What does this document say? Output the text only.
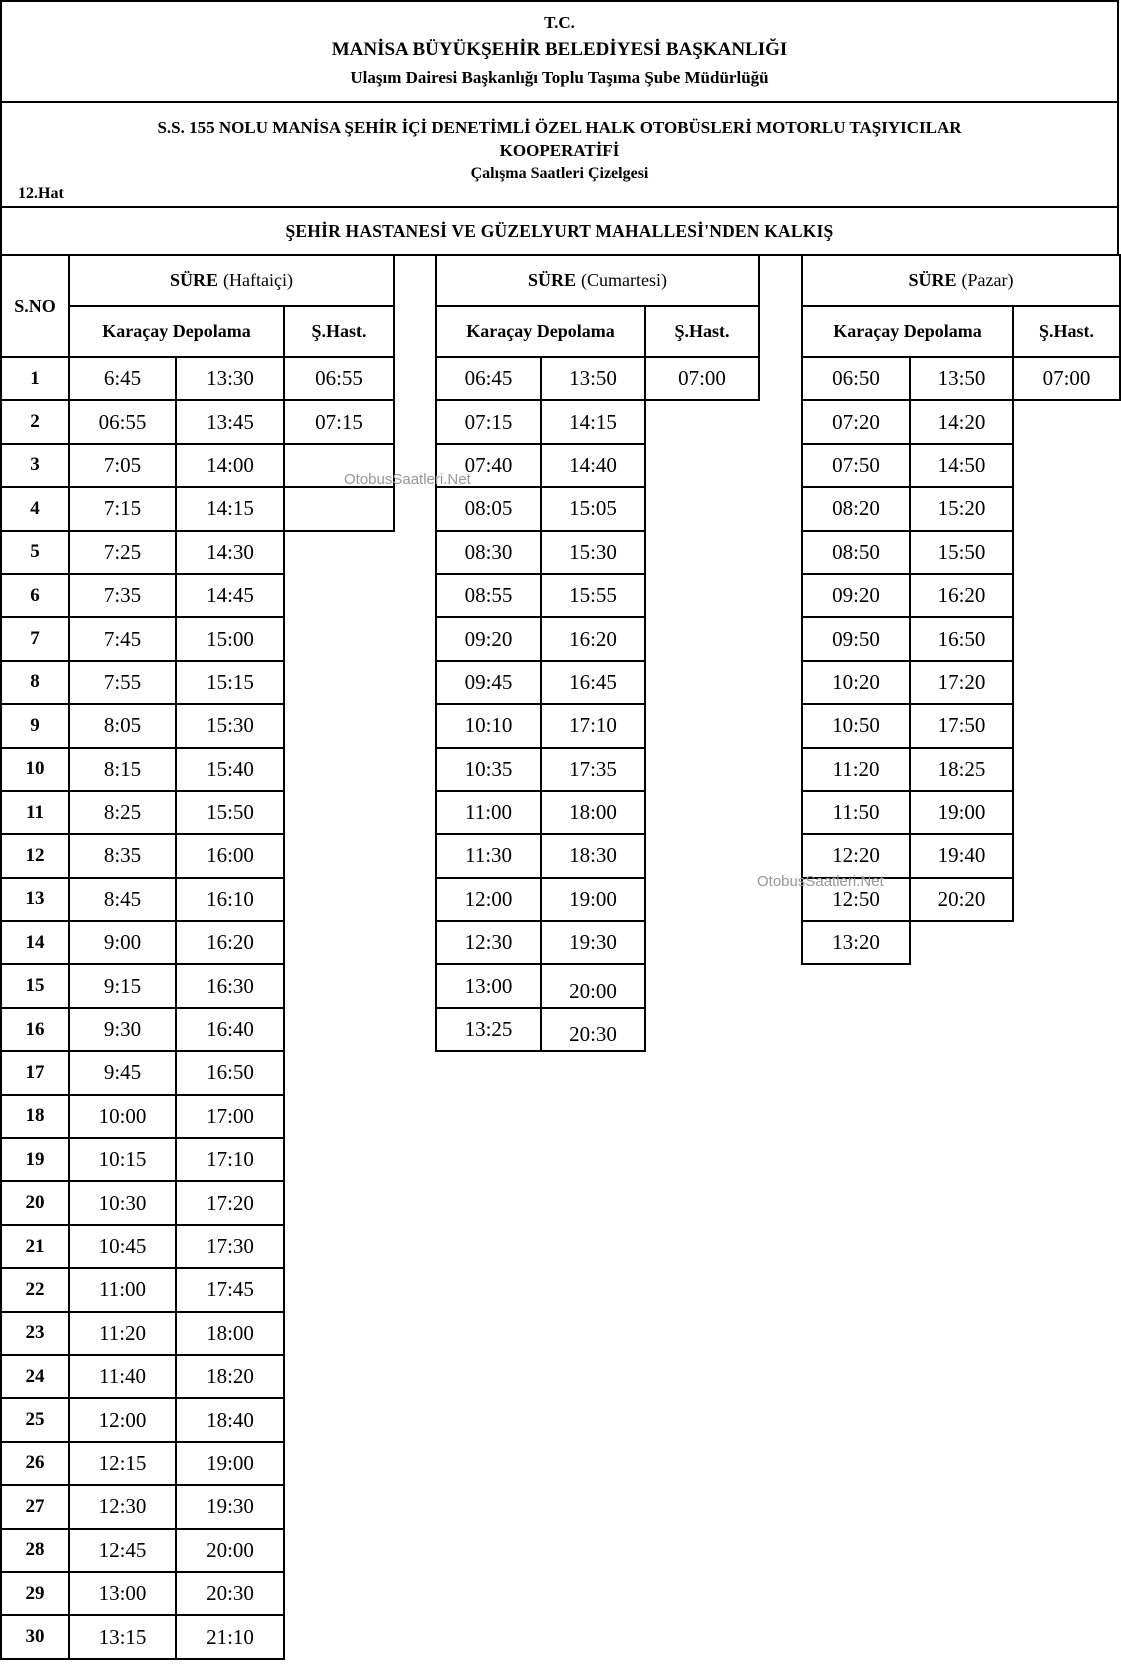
T.C.
MANİSA BÜYÜKŞEHİR BELEDİYESİ BAŞKANLIĞI
Ulaşım Dairesi Başkanlığı Toplu Taşıma Şube Müdürlüğü
S.S. 155 NOLU MANİSA ŞEHİR İÇİ DENETİMLİ ÖZEL HALK OTOBÜSLERİ MOTORLU TAŞIYICILAR
KOOPERATİFİ
Çalışma Saatleri Çizelgesi
12.Hat
ŞEHİR HASTANESİ VE GÜZELYURT MAHALLESİ'NDEN KALKIŞ
S.NO	SÜRE (Haftaiçi)		
	Karaçay Depolama		Ş.Hast.
1	6:45	13:30	06:55
2	06:55	13:45	07:15
3	7:05	14:00	
4	7:15	14:15	
5	7:25	14:30	
6	7:35	14:45	
7	7:45	15:00	
8	7:55	15:15	
9	8:05	15:30	
10	8:15	15:40	
11	8:25	15:50	
12	8:35	16:00	
13	8:45	16:10	
14	9:00	16:20	
15	9:15	16:30	
16	9:30	16:40	
17	9:45	16:50	
18	10:00	17:00	
19	10:15	17:10	
20	10:30	17:20	
21	10:45	17:30	
22	11:00	17:45	
23	11:20	18:00	
24	11:40	18:20	
25	12:00	18:40	
26	12:15	19:00	
27	12:30	19:30	
28	12:45	20:00	
29	13:00	20:30	
30	13:15	21:10	
SÜRE (Cumartesi)		
Karaçay Depolama		Ş.Hast.
06:45	13:50	07:00
07:15	14:15	
07:40	14:40	
08:05	15:05	
08:30	15:30	
08:55	15:55	
09:20	16:20	
09:45	16:45	
10:10	17:10	
10:35	17:35	
11:00	18:00	
11:30	18:30	
12:00	19:00	
12:30	19:30	
13:00	20:00	
13:25	20:30	
SÜRE (Pazar)		
Karaçay Depolama		Ş.Hast.
06:50	13:50	07:00
07:20	14:20	
07:50	14:50	
08:20	15:20	
08:50	15:50	
09:20	16:20	
09:50	16:50	
10:20	17:20	
10:50	17:50	
11:20	18:25	
11:50	19:00	
12:20	19:40	
12:50	20:20	
13:20		
OtobusSaatleri.Net
OtobusSaatleri.Net
